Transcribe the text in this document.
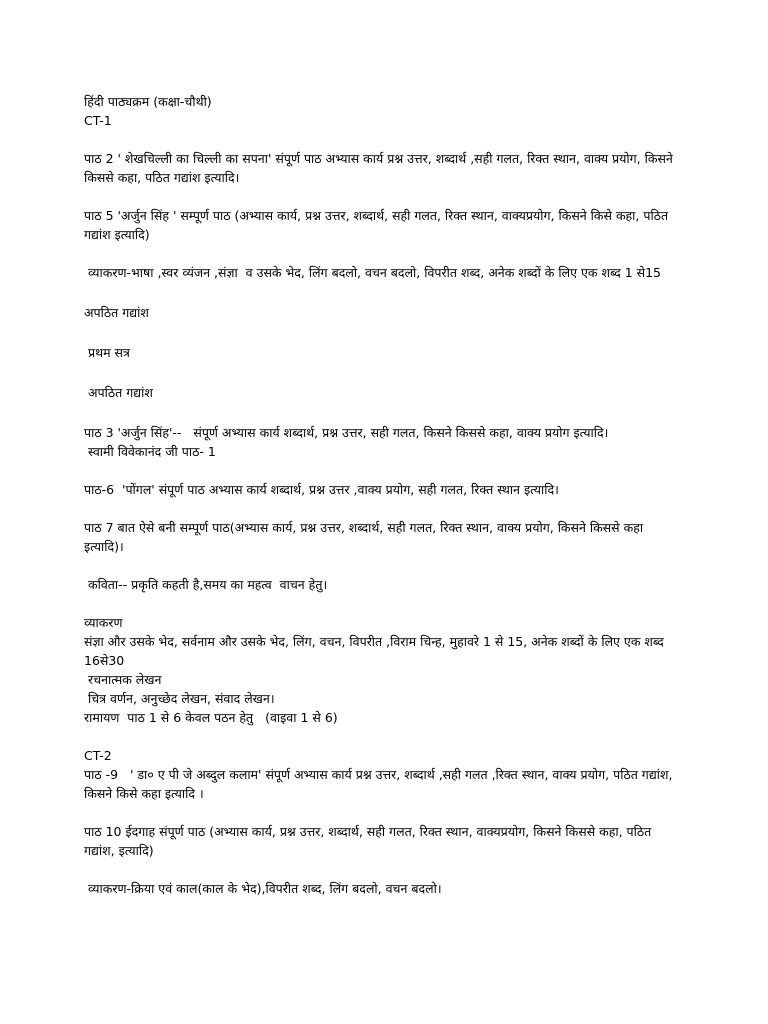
हिंदी पाठ्यक्रम (कक्षा-चौथी)

CT-1

पाठ 2 ' शेखचिल्ली का चिल्ली का सपना' संपूर्ण पाठ अभ्यास कार्य प्रश्न उत्तर, शब्दार्थ ,सही गलत, रिक्त स्थान, वाक्य प्रयोग, किसने किससे कहा, पठित गद्यांश इत्यादि।

पाठ 5 'अर्जुन सिंह ' सम्पूर्ण पाठ (अभ्यास कार्य, प्रश्न उत्तर, शब्दार्थ, सही गलत, रिक्त स्थान, वाक्यप्रयोग, किसने किसे कहा, पठित गद्यांश इत्यादि)

व्याकरण-भाषा ,स्वर व्यंजन ,संज्ञा  व उसके भेद, लिंग बदलो, वचन बदलो, विपरीत शब्द, अनेक शब्दों के लिए एक शब्द 1 से15

अपठित गद्यांश

प्रथम सत्र

अपठित गद्यांश

पाठ 3 'अर्जुन सिंह'--   संपूर्ण अभ्यास कार्य शब्दार्थ, प्रश्न उत्तर, सही गलत, किसने किससे कहा, वाक्य प्रयोग इत्यादि।

स्वामी विवेकानंद जी पाठ- 1

पाठ-6  'पोंगल' संपूर्ण पाठ अभ्यास कार्य शब्दार्थ, प्रश्न उत्तर ,वाक्य प्रयोग, सही गलत, रिक्त स्थान इत्यादि।

पाठ 7 बात ऐसे बनी सम्पूर्ण पाठ(अभ्यास कार्य, प्रश्न उत्तर, शब्दार्थ, सही गलत, रिक्त स्थान, वाक्य प्रयोग, किसने किससे कहा इत्यादि)।

कविता-- प्रकृति कहती है,समय का महत्व  वाचन हेतु।

व्याकरण

संज्ञा और उसके भेद, सर्वनाम और उसके भेद, लिंग, वचन, विपरीत ,विराम चिन्ह, मुहावरे 1 से 15, अनेक शब्दों के लिए एक शब्द 16से30

रचनात्मक लेखन

चित्र वर्णन, अनुच्छेद लेखन, संवाद लेखन।

रामायण  पाठ 1 से 6 केवल पठन हेतु   (वाइवा 1 से 6)

CT-2

पाठ -9   ' डा० ए पी जे अब्दुल कलाम' संपूर्ण अभ्यास कार्य प्रश्न उत्तर, शब्दार्थ ,सही गलत ,रिक्त स्थान, वाक्य प्रयोग, पठित गद्यांश, किसने किसे कहा इत्यादि ।

पाठ 10 ईदगाह संपूर्ण पाठ (अभ्यास कार्य, प्रश्न उत्तर, शब्दार्थ, सही गलत, रिक्त स्थान, वाक्यप्रयोग, किसने किससे कहा, पठित गद्यांश, इत्यादि)

व्याकरण-क्रिया एवं काल(काल के भेद),विपरीत शब्द, लिंग बदलो, वचन बदलो।
